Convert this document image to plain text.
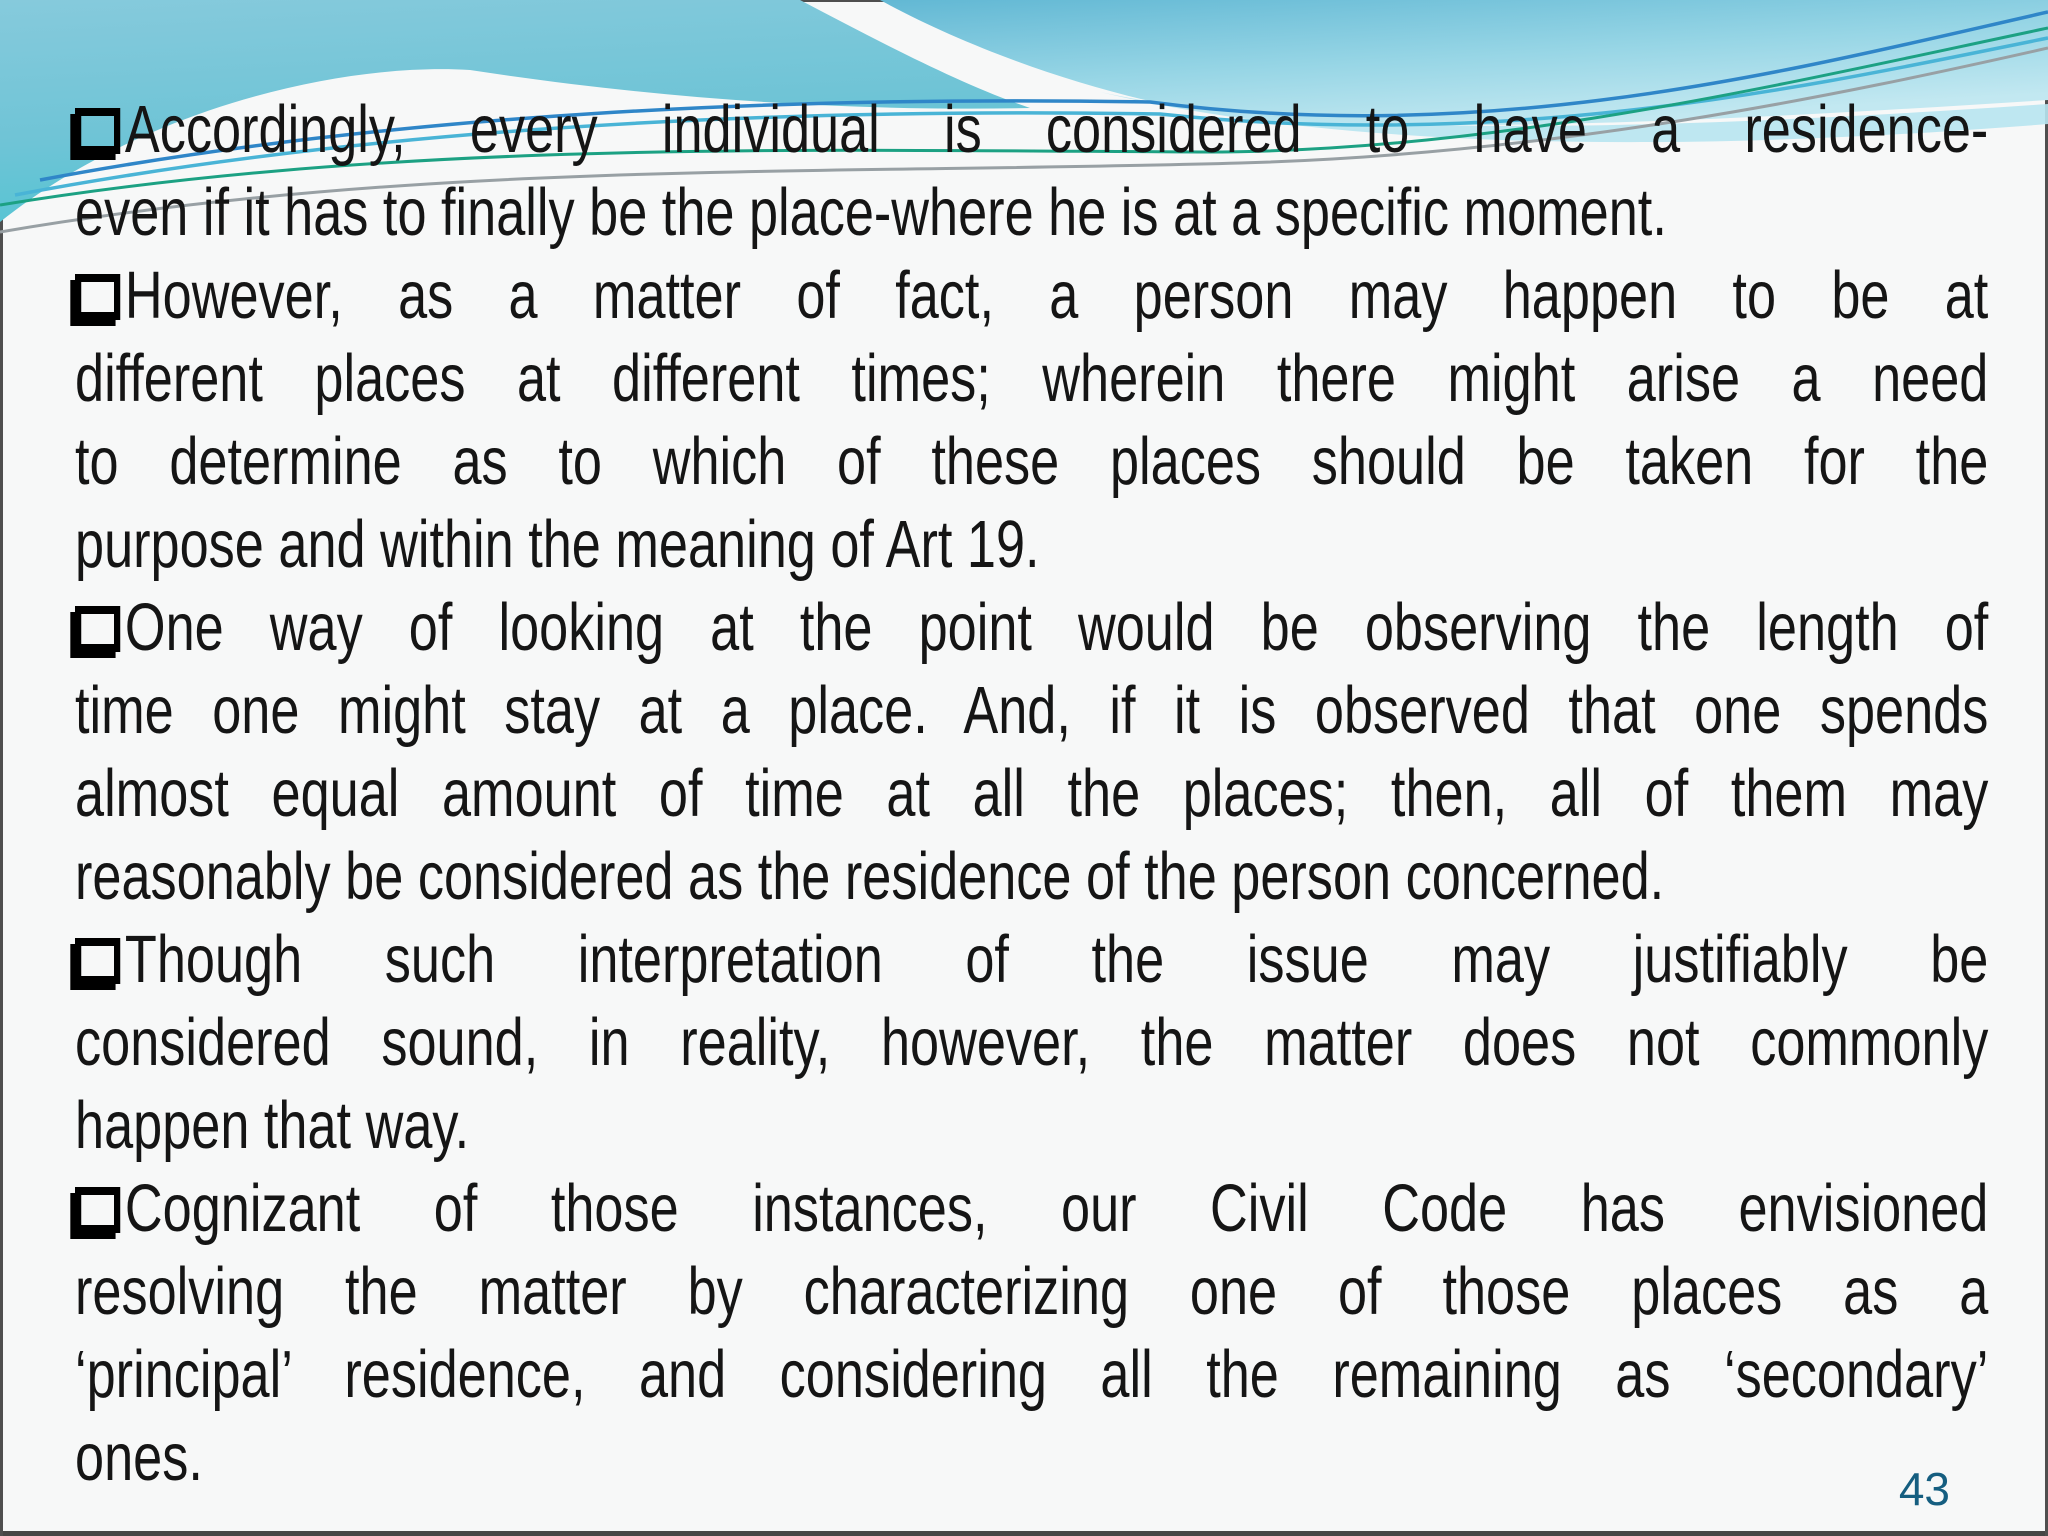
Accordingly, every individual is considered to have a residence-
even if it has to finally be the place-where he is at a specific moment.
However, as a matter of fact, a person may happen to be at
different places at different times; wherein there might arise a need
to determine as to which of these places should be taken for the
purpose and within the meaning of Art 19.
One way of looking at the point would be observing the length of
time one might stay at a place. And, if it is observed that one spends
almost equal amount of time at all the places; then, all of them may
reasonably be considered as the residence of the person concerned.
Though such interpretation of the issue may justifiably be
considered sound, in reality, however, the matter does not commonly
happen that way.
Cognizant of those instances, our Civil Code has envisioned
resolving the matter by characterizing one of those places as a
‘principal’ residence, and considering all the remaining as ‘secondary’
ones.	43
